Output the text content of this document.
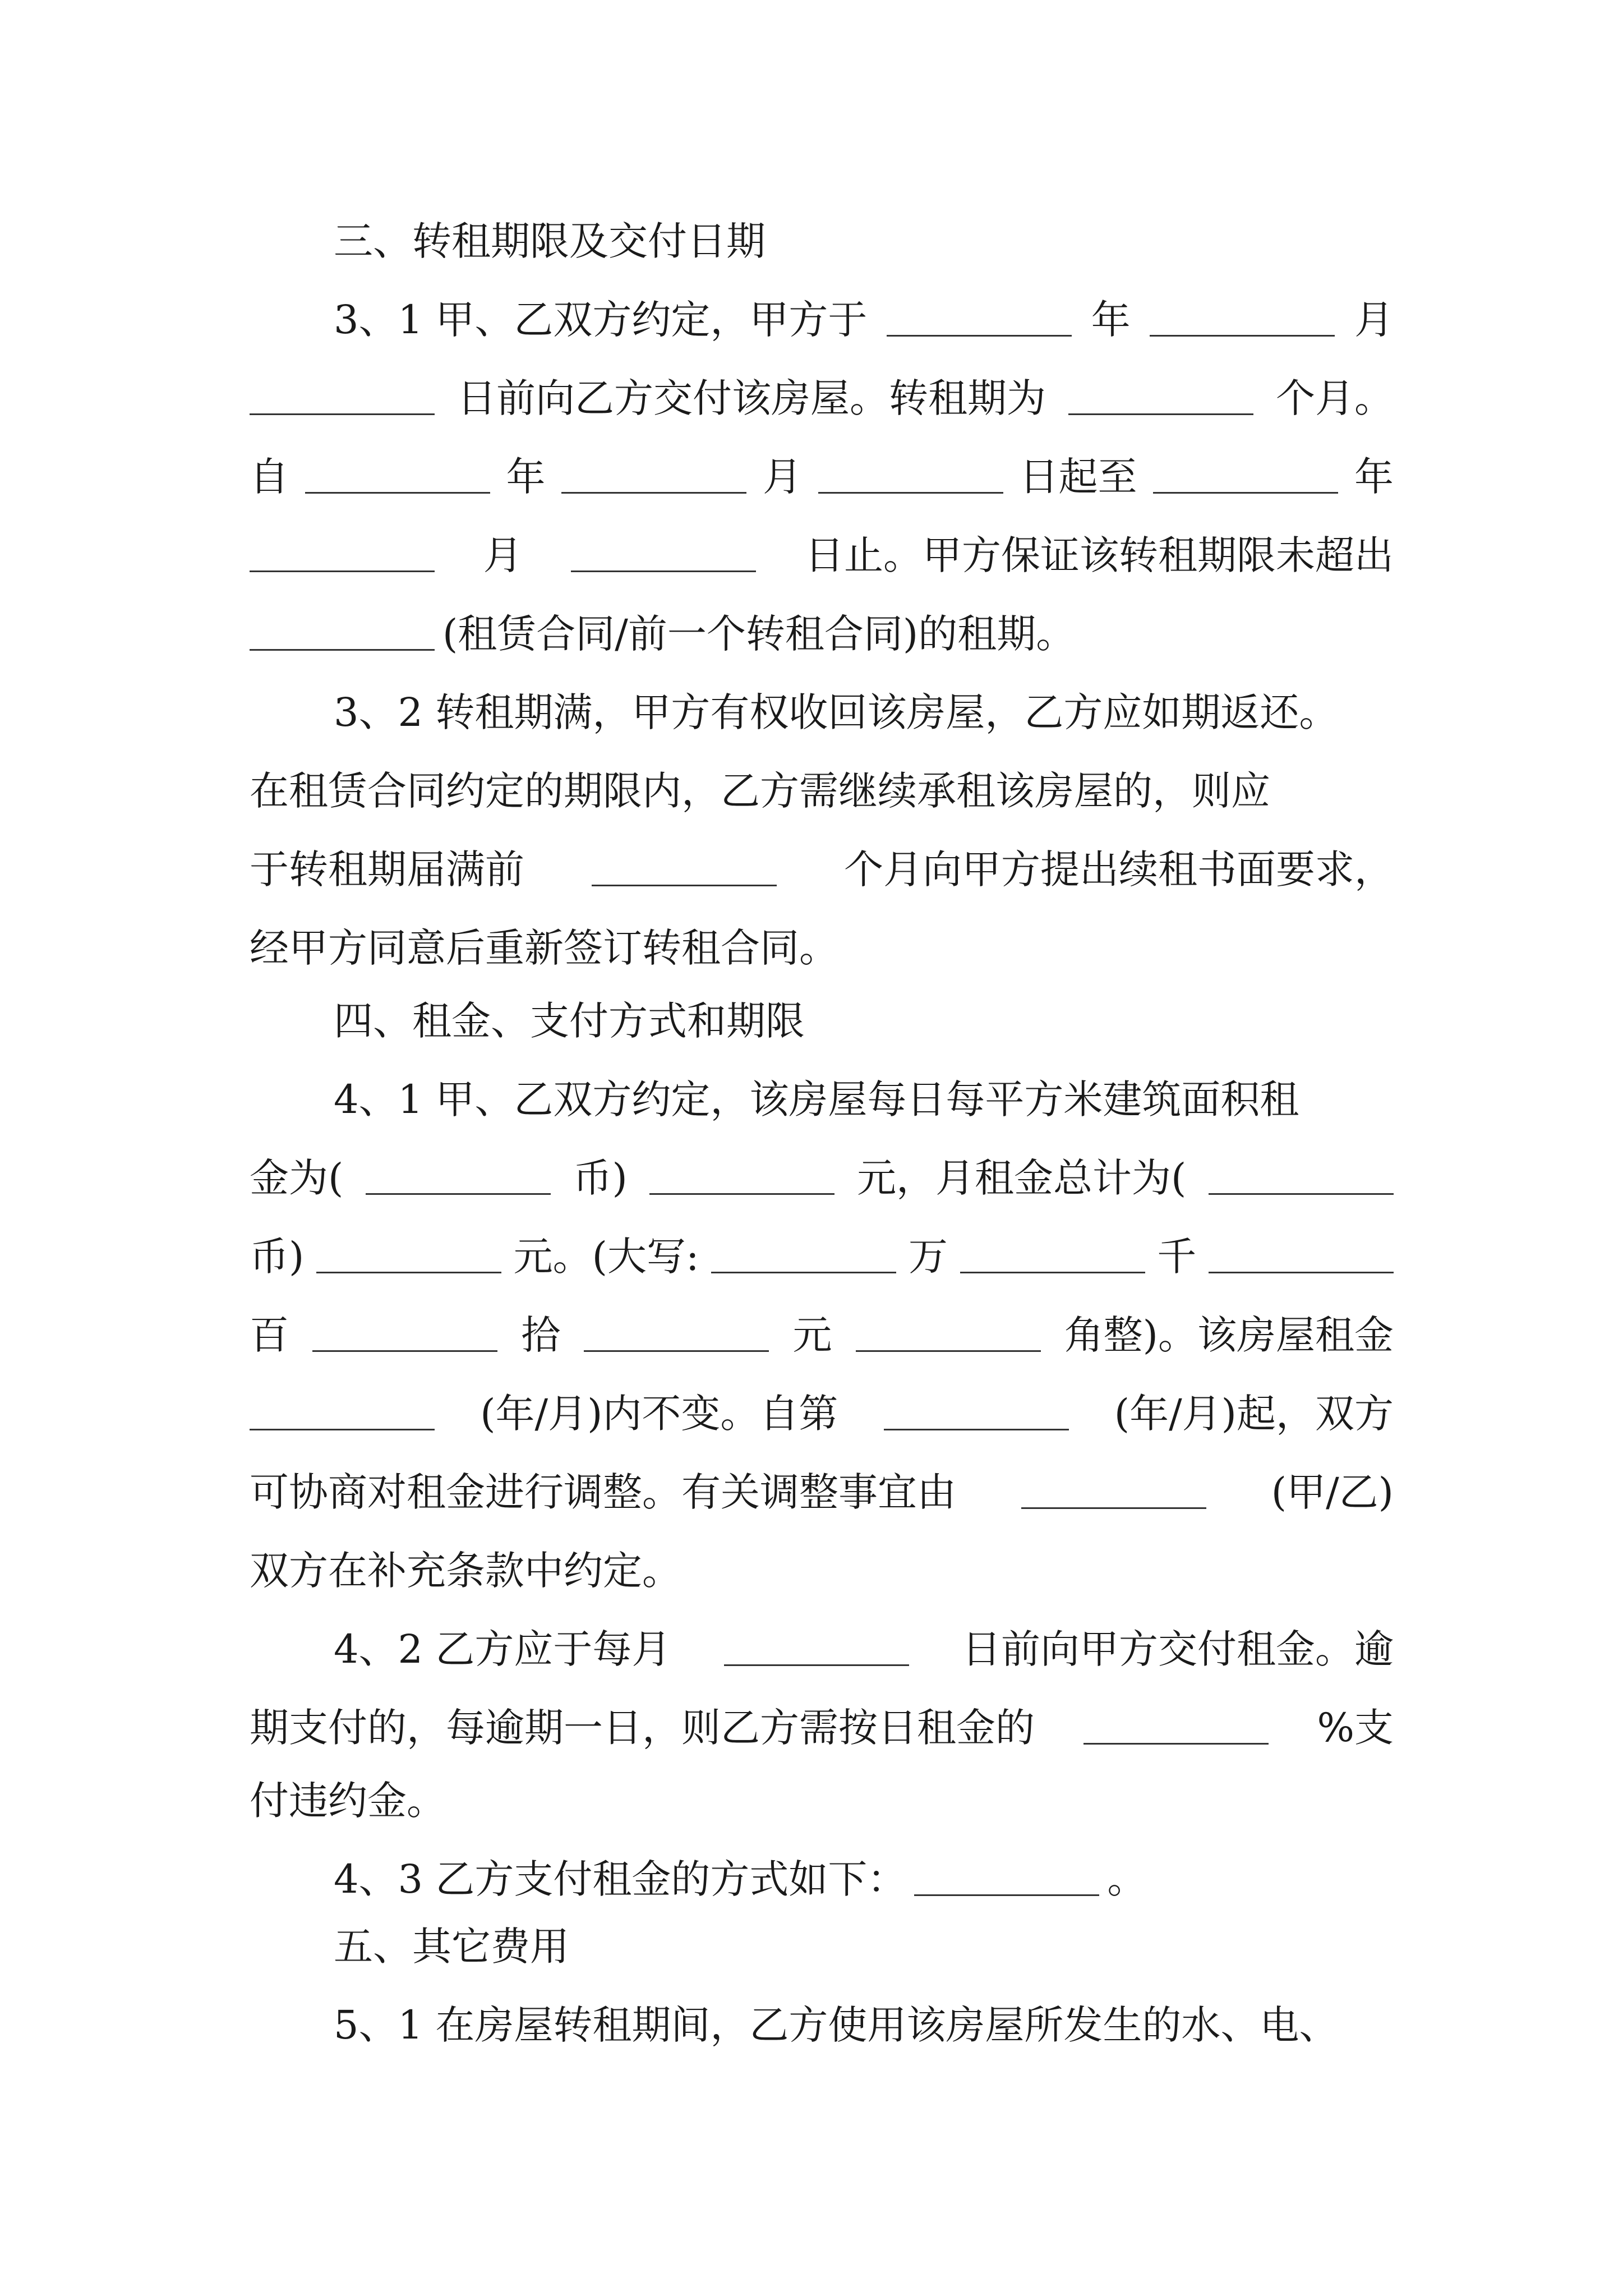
三、转租期限及交付日期
3、1 甲、乙双方约定，甲方于	年	月
日前向乙方交付该房屋。转租期为	个月。
自	年	月	日起至	年
月	日止。甲方保证该转租期限未超出
(租赁合同/前一个转租合同)的租期。
3、2 转租期满，甲方有权收回该房屋，乙方应如期返还。
在租赁合同约定的期限内，乙方需继续承租该房屋的，则应
于转租期届满前	个月向甲方提出续租书面要求，
经甲方同意后重新签订转租合同。
四、租金、支付方式和期限
4、1 甲、乙双方约定，该房屋每日每平方米建筑面积租
金为(	币)	元，月租金总计为(
币)	元。(大写:	万	千
百	拾	元	角整)。该房屋租金
(年/月)内不变。自第	(年/月)起，双方
可协商对租金进行调整。有关调整事宜由	(甲/乙)
双方在补充条款中约定。
4、2 乙方应于每月	日前向甲方交付租金。逾
期支付的，每逾期一日，则乙方需按日租金的	%支
付违约金。
4、3 乙方支付租金的方式如下：	。
五、其它费用
5、1 在房屋转租期间，乙方使用该房屋所发生的水、电、
